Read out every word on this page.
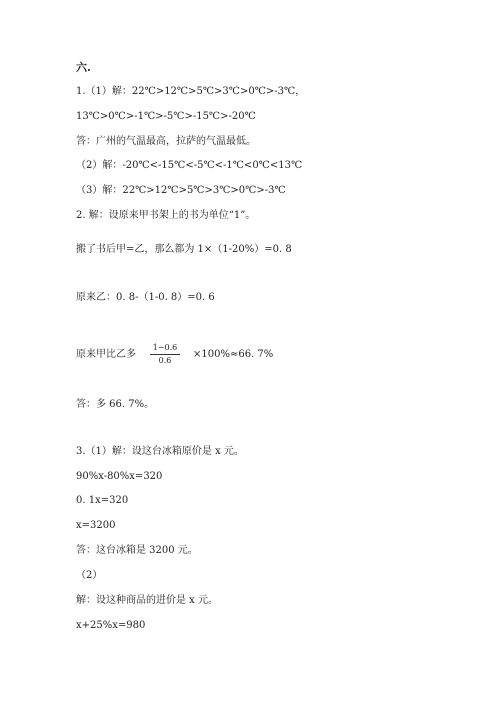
六.
1.（1）解：22℃>12℃>5℃>3℃>0℃>-3℃，
13℃>0℃>-1℃>-5℃>-15℃>-20℃
答：广州的气温最高，拉萨的气温最低。
（2）解：-20℃<-15℃<-5℃<-1℃<0℃<13℃
（3）解：22℃>12℃>5℃>3℃>0℃>-3℃
2. 解：设原来甲书架上的书为单位“1”。
搬了书后甲=乙，那么都为 1×（1-20%）=0. 8
原来乙：0. 8-（1-0. 8）=0. 6
原来甲比乙多
1−0.6
0.6
×100%≈66. 7%
答：多 66. 7%。
3.（1）解：设这台冰箱原价是 x 元。
90%x-80%x=320
0. 1x=320
x=3200
答：这台冰箱是 3200 元。
（2）
解：设这种商品的进价是 x 元。
x+25%x=980
